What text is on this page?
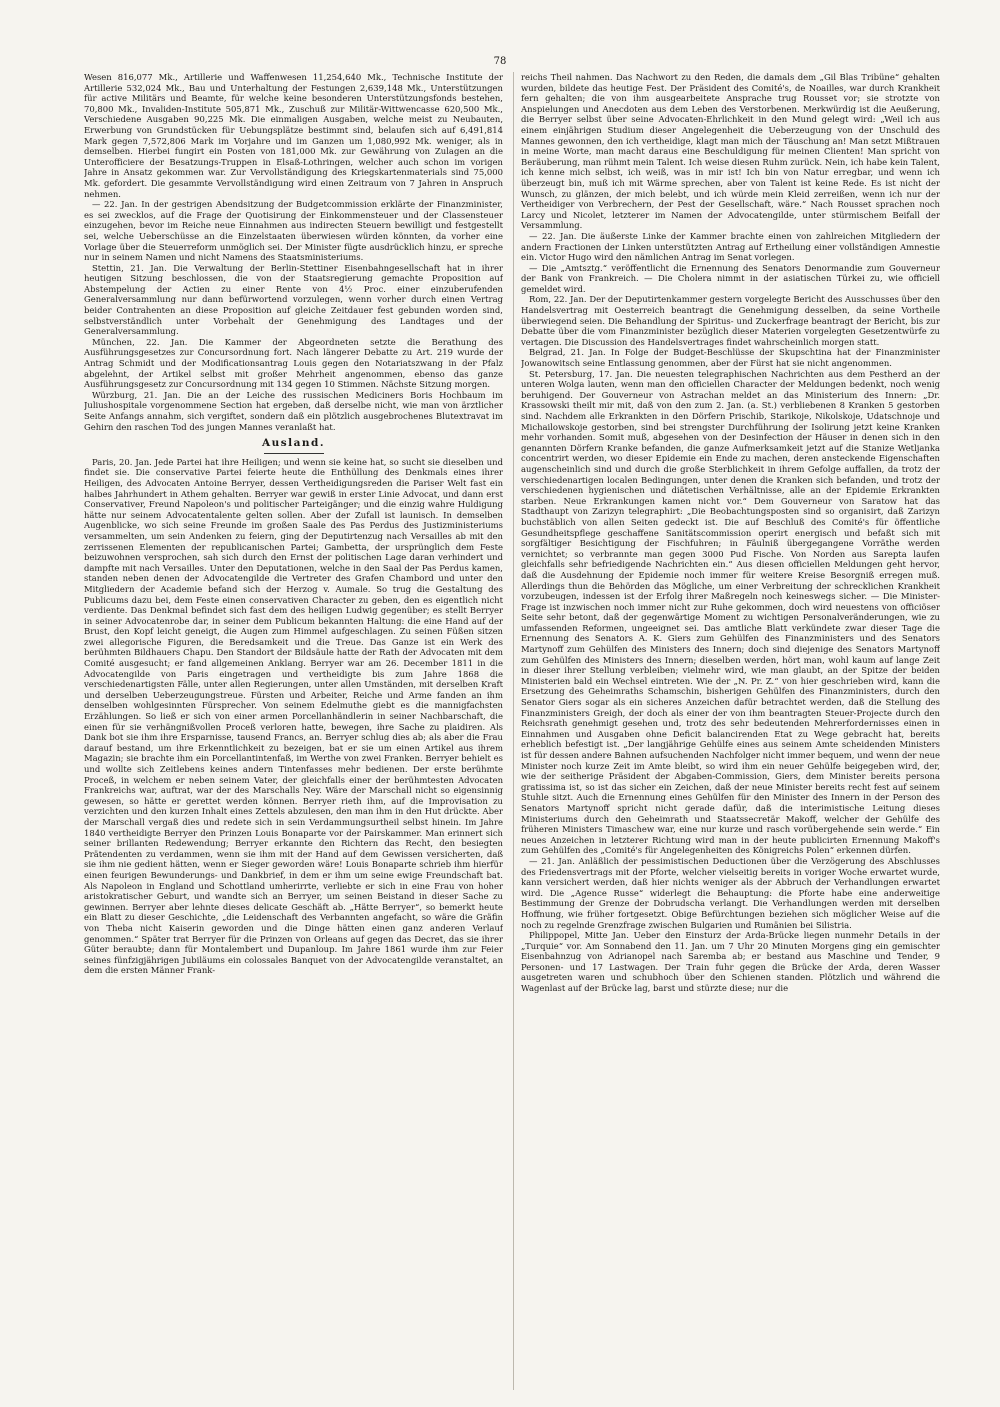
78

Wesen 816,077 Mk., Artillerie und Waffenwesen 11,254,640 Mk., Technische Institute der Artillerie 532,024 Mk., Bau und Unterhaltung der Festungen 2,639,148 Mk., Unterstützungen für active Militärs und Beamte, für welche keine besonderen Unterstützungsfonds bestehen, 70,800 Mk., Invaliden-Institute 505,871 Mk., Zuschuß zur Militär-Wittwencasse 620,500 Mk., Verschiedene Ausgaben 90,225 Mk. Die einmaligen Ausgaben, welche meist zu Neubauten, Erwerbung von Grundstücken für Uebungsplätze bestimmt sind, belaufen sich auf 6,491,814 Mark gegen 7,572,806 Mark im Vorjahre und im Ganzen um 1,080,992 Mk. weniger, als in demselben. Hierbei fungirt ein Posten von 181,000 Mk. zur Gewährung von Zulagen an die Unterofficiere der Besatzungs-Truppen in Elsaß-Lothringen, welcher auch schon im vorigen Jahre in Ansatz gekommen war. Zur Vervollständigung des Kriegskartenmaterials sind 75,000 Mk. gefordert. Die gesammte Vervollständigung wird einen Zeitraum von 7 Jahren in Anspruch nehmen.

— 22. Jan. In der gestrigen Abendsitzung der Budgetcommission erklärte der Finanzminister, es sei zwecklos, auf die Frage der Quotisirung der Einkommensteuer und der Classensteuer einzugehen, bevor im Reiche neue Einnahmen aus indirecten Steuern bewilligt und festgestellt sei, welche Ueberschüsse an die Einzelstaaten überwiesen würden könnten, da vorher eine Vorlage über die Steuerreform unmöglich sei. Der Minister fügte ausdrücklich hinzu, er spreche nur in seinem Namen und nicht Namens des Staatsministeriums.

Stettin, 21. Jan. Die Verwaltung der Berlin-Stettiner Eisenbahngesellschaft hat in ihrer heutigen Sitzung beschlossen, die von der Staatsregierung gemachte Proposition auf Abstempelung der Actien zu einer Rente von 4½ Proc. einer einzuberufenden Generalversammlung nur dann befürwortend vorzulegen, wenn vorher durch einen Vertrag beider Contrahenten an diese Proposition auf gleiche Zeitdauer fest gebunden worden sind, selbstverständlich unter Vorbehalt der Genehmigung des Landtages und der Generalversammlung.

München, 22. Jan. Die Kammer der Abgeordneten setzte die Berathung des Ausführungsgesetzes zur Concursordnung fort. Nach längerer Debatte zu Art. 219 wurde der Antrag Schmidt und der Modificationsantrag Louis gegen den Notariatszwang in der Pfalz abgelehnt, der Artikel selbst mit großer Mehrheit angenommen, ebenso das ganze Ausführungsgesetz zur Concursordnung mit 134 gegen 10 Stimmen. Nächste Sitzung morgen.

Würzburg, 21. Jan. Die an der Leiche des russischen Mediciners Boris Hochbaum im Juliushospitale vorgenommene Section hat ergeben, daß derselbe nicht, wie man von ärztlicher Seite Anfangs annahm, sich vergiftet, sondern daß ein plötzlich ausgebrochenes Blutextravat im Gehirn den raschen Tod des jungen Mannes veranlaßt hat.

Ausland.

Paris, 20. Jan. Jede Partei hat ihre Heiligen; und wenn sie keine hat, so sucht sie dieselben und findet sie. Die conservative Partei feierte heute die Enthüllung des Denkmals eines ihrer Heiligen, des Advocaten Antoine Berryer, dessen Vertheidigungsreden die Pariser Welt fast ein halbes Jahrhundert in Athem gehalten. Berryer war gewiß in erster Linie Advocat, und dann erst Conservativer, Freund Napoleon's und politischer Parteigänger; und die einzig wahre Huldigung hätte nur seinem Advocatentalente gelten sollen. Aber der Zufall ist launisch. In demselben Augenblicke, wo sich seine Freunde im großen Saale des Pas Perdus des Justizministeriums versammelten, um sein Andenken zu feiern, ging der Deputirtenzug nach Versailles ab mit den zerrissenen Elementen der republicanischen Partei; Gambetta, der ursprünglich dem Feste beizuwohnen versprochen, sah sich durch den Ernst der politischen Lage daran verhindert und dampfte mit nach Versailles. Unter den Deputationen, welche in den Saal der Pas Perdus kamen, standen neben denen der Advocatengilde die Vertreter des Grafen Chambord und unter den Mitgliedern der Academie befand sich der Herzog v. Aumale. So trug die Gestaltung des Publicums dazu bei, dem Feste einen conservativen Character zu geben, den es eigentlich nicht verdiente. Das Denkmal befindet sich fast dem des heiligen Ludwig gegenüber; es stellt Berryer in seiner Advocatenrobe dar, in seiner dem Publicum bekannten Haltung: die eine Hand auf der Brust, den Kopf leicht geneigt, die Augen zum Himmel aufgeschlagen. Zu seinen Füßen sitzen zwei allegorische Figuren, die Beredsamkeit und die Treue. Das Ganze ist ein Werk des berühmten Bildhauers Chapu. Den Standort der Bildsäule hatte der Rath der Advocaten mit dem Comité ausgesucht; er fand allgemeinen Anklang. Berryer war am 26. December 1811 in die Advocatengilde von Paris eingetragen und vertheidigte bis zum Jahre 1868 die verschiedenartigsten Fälle, unter allen Regierungen, unter allen Umständen, mit derselben Kraft und derselben Ueberzeugungstreue. Fürsten und Arbeiter, Reiche und Arme fanden an ihm denselben wohlgesinnten Fürsprecher. Von seinem Edelmuthe giebt es die mannigfachsten Erzählungen. So ließ er sich von einer armen Porcellanhändlerin in seiner Nachbarschaft, die einen für sie verhängnißvollen Proceß verloren hatte, bewegen, ihre Sache zu plaidiren. Als Dank bot sie ihm ihre Ersparnisse, tausend Francs, an. Berryer schlug dies ab; als aber die Frau darauf bestand, um ihre Erkenntlichkeit zu bezeigen, bat er sie um einen Artikel aus ihrem Magazin; sie brachte ihm ein Porcellantintenfaß, im Werthe von zwei Franken. Berryer behielt es und wollte sich Zeitlebens keines andern Tintenfasses mehr bedienen. Der erste berühmte Proceß, in welchem er neben seinem Vater, der gleichfalls einer der berühmtesten Advocaten Frankreichs war, auftrat, war der des Marschalls Ney. Wäre der Marschall nicht so eigensinnig gewesen, so hätte er gerettet werden können. Berryer rieth ihm, auf die Improvisation zu verzichten und den kurzen Inhalt eines Zettels abzulesen, den man ihm in den Hut drückte. Aber der Marschall vergaß dies und redete sich in sein Verdammungsurtheil selbst hinein. Im Jahre 1840 vertheidigte Berryer den Prinzen Louis Bonaparte vor der Pairskammer. Man erinnert sich seiner brillanten Redewendung; Berryer erkannte den Richtern das Recht, den besiegten Prätendenten zu verdammen, wenn sie ihm mit der Hand auf dem Gewissen versicherten, daß sie ihm nie gedient hätten, wenn er Sieger geworden wäre! Louis Bonaparte schrieb ihm hierfür einen feurigen Bewunderungs- und Dankbrief, in dem er ihm um seine ewige Freundschaft bat. Als Napoleon in England und Schottland umherirrte, verliebte er sich in eine Frau von hoher aristokratischer Geburt, und wandte sich an Berryer, um seinen Beistand in dieser Sache zu gewinnen. Berryer aber lehnte dieses delicate Geschäft ab. „Hätte Berryer“, so bemerkt heute ein Blatt zu dieser Geschichte, „die Leidenschaft des Verbannten angefacht, so wäre die Gräfin von Theba nicht Kaiserin geworden und die Dinge hätten einen ganz anderen Verlauf genommen.“ Später trat Berryer für die Prinzen von Orleans auf gegen das Decret, das sie ihrer Güter beraubte; dann für Montalembert und Dupanloup. Im Jahre 1861 wurde ihm zur Feier seines fünfzigjährigen Jubiläums ein colossales Banquet von der Advocatengilde veranstaltet, an dem die ersten Männer Frank-

reichs Theil nahmen. Das Nachwort zu den Reden, die damals dem „Gil Blas Tribüne“ gehalten wurden, bildete das heutige Fest. Der Präsident des Comité's, de Noailles, war durch Krankheit fern gehalten; die von ihm ausgearbeitete Ansprache trug Rousset vor; sie strotzte von Anspielungen und Anecdoten aus dem Leben des Verstorbenen. Merkwürdig ist die Aeußerung, die Berryer selbst über seine Advocaten-Ehrlichkeit in den Mund gelegt wird: „Weil ich aus einem einjährigen Studium dieser Angelegenheit die Ueberzeugung von der Unschuld des Mannes gewonnen, den ich vertheidige, klagt man mich der Täuschung an! Man setzt Mißtrauen in meine Worte, man macht daraus eine Beschuldigung für meinen Clienten! Man spricht von Beräuberung, man rühmt mein Talent. Ich weise diesen Ruhm zurück. Nein, ich habe kein Talent, ich kenne mich selbst, ich weiß, was in mir ist! Ich bin von Natur erregbar, und wenn ich überzeugt bin, muß ich mit Wärme sprechen, aber von Talent ist keine Rede. Es ist nicht der Wunsch, zu glänzen, der mich belebt, und ich würde mein Kleid zerreißen, wenn ich nur der Vertheidiger von Verbrechern, der Pest der Gesellschaft, wäre.“ Nach Rousset sprachen noch Larcy und Nicolet, letzterer im Namen der Advocatengilde, unter stürmischem Beifall der Versammlung.

— 22. Jan. Die äußerste Linke der Kammer brachte einen von zahlreichen Mitgliedern der andern Fractionen der Linken unterstützten Antrag auf Ertheilung einer vollständigen Amnestie ein. Victor Hugo wird den nämlichen Antrag im Senat vorlegen.

— Die „Amtsztg.“ veröffentlicht die Ernennung des Senators Denormandie zum Gouverneur der Bank von Frankreich. — Die Cholera nimmt in der asiatischen Türkei zu, wie officiell gemeldet wird.

Rom, 22. Jan. Der der Deputirtenkammer gestern vorgelegte Bericht des Ausschusses über den Handelsvertrag mit Oesterreich beantragt die Genehmigung desselben, da seine Vortheile überwiegend seien. Die Behandlung der Spiritus- und Zuckerfrage beantragt der Bericht, bis zur Debatte über die vom Finanzminister bezüglich dieser Materien vorgelegten Gesetzentwürfe zu vertagen. Die Discussion des Handelsvertrages findet wahrscheinlich morgen statt.

Belgrad, 21. Jan. In Folge der Budget-Beschlüsse der Skupschtina hat der Finanzminister Jowanowitsch seine Entlassung genommen, aber der Fürst hat sie nicht angenommen.

St. Petersburg, 17. Jan. Die neuesten telegraphischen Nachrichten aus dem Pestherd an der unteren Wolga lauten, wenn man den officiellen Character der Meldungen bedenkt, noch wenig beruhigend. Der Gouverneur von Astrachan meldet an das Ministerium des Innern: „Dr. Krassowski theilt mir mit, daß von den zum 2. Jan. (a. St.) verbliebenen 8 Kranken 5 gestorben sind. Nachdem alle Erkrankten in den Dörfern Prischib, Starikoje, Nikolskoje, Udatschnoje und Michailowskoje gestorben, sind bei strengster Durchführung der Isolirung jetzt keine Kranken mehr vorhanden. Somit muß, abgesehen von der Desinfection der Häuser in denen sich in den genannten Dörfern Kranke befanden, die ganze Aufmerksamkeit jetzt auf die Stanize Wetljanka concentrirt werden, wo dieser Epidemie ein Ende zu machen, deren ansteckende Eigenschaften augenscheinlich sind und durch die große Sterblichkeit in ihrem Gefolge auffallen, da trotz der verschiedenartigen localen Bedingungen, unter denen die Kranken sich befanden, und trotz der verschiedenen hygienischen und diätetischen Verhältnisse, alle an der Epidemie Erkrankten starben. Neue Erkrankungen kamen nicht vor.“ Dem Gouverneur von Saratow hat das Stadthaupt von Zarizyn telegraphirt: „Die Beobachtungsposten sind so organisirt, daß Zarizyn buchstäblich von allen Seiten gedeckt ist. Die auf Beschluß des Comité's für öffentliche Gesundheitspflege geschaffene Sanitätscommission operirt energisch und befaßt sich mit sorgfältiger Besichtigung der Fischfuhren; in Fäulniß übergegangene Vorräthe werden vernichtet; so verbrannte man gegen 3000 Pud Fische. Von Norden aus Sarepta laufen gleichfalls sehr befriedigende Nachrichten ein.“ Aus diesen officiellen Meldungen geht hervor, daß die Ausdehnung der Epidemie noch immer für weitere Kreise Besorgniß erregen muß. Allerdings thun die Behörden das Mögliche, um einer Verbreitung der schrecklichen Krankheit vorzubeugen, indessen ist der Erfolg ihrer Maßregeln noch keineswegs sicher. — Die Minister-Frage ist inzwischen noch immer nicht zur Ruhe gekommen, doch wird neuestens von officiöser Seite sehr betont, daß der gegenwärtige Moment zu wichtigen Personalveränderungen, wie zu umfassenden Reformen, ungeeignet sei. Das amtliche Blatt verkündete zwar dieser Tage die Ernennung des Senators A. K. Giers zum Gehülfen des Finanzministers und des Senators Martynoff zum Gehülfen des Ministers des Innern; doch sind diejenige des Senators Martynoff zum Gehülfen des Ministers des Innern; dieselben werden, hört man, wohl kaum auf lange Zeit in dieser ihrer Stellung verbleiben; vielmehr wird, wie man glaubt, an der Spitze der beiden Ministerien bald ein Wechsel eintreten. Wie der „N. Pr. Z.“ von hier geschrieben wird, kann die Ersetzung des Geheimraths Schamschin, bisherigen Gehülfen des Finanzministers, durch den Senator Giers sogar als ein sicheres Anzeichen dafür betrachtet werden, daß die Stellung des Finanzministers Greigh, der doch als einer der von ihm beantragten Steuer-Projecte durch den Reichsrath genehmigt gesehen und, trotz des sehr bedeutenden Mehrerfordernisses einen in Einnahmen und Ausgaben ohne Deficit balancirenden Etat zu Wege gebracht hat, bereits erheblich befestigt ist. „Der langjährige Gehülfe eines aus seinem Amte scheidenden Ministers ist für dessen andere Bahnen aufsuchenden Nachfolger nicht immer bequem, und wenn der neue Minister noch kurze Zeit im Amte bleibt, so wird ihm ein neuer Gehülfe beigegeben wird, der, wie der seitherige Präsident der Abgaben-Commission, Giers, dem Minister bereits persona gratissima ist, so ist das sicher ein Zeichen, daß der neue Minister bereits recht fest auf seinem Stuhle sitzt. Auch die Ernennung eines Gehülfen für den Minister des Innern in der Person des Senators Martynoff spricht nicht gerade dafür, daß die interimistische Leitung dieses Ministeriums durch den Geheimrath und Staatssecretär Makoff, welcher der Gehülfe des früheren Ministers Timaschew war, eine nur kurze und rasch vorübergehende sein werde.“ Ein neues Anzeichen in letzterer Richtung wird man in der heute publicirten Ernennung Makoff's zum Gehülfen des „Comité's für Angelegenheiten des Königreichs Polen“ erkennen dürfen.

— 21. Jan. Anläßlich der pessimistischen Deductionen über die Verzögerung des Abschlusses des Friedensvertrags mit der Pforte, welcher vielseitig bereits in voriger Woche erwartet wurde, kann versichert werden, daß hier nichts weniger als der Abbruch der Verhandlungen erwartet wird. Die „Agence Russe“ widerlegt die Behauptung: die Pforte habe eine anderweitige Bestimmung der Grenze der Dobrudscha verlangt. Die Verhandlungen werden mit derselben Hoffnung, wie früher fortgesetzt. Obige Befürchtungen beziehen sich möglicher Weise auf die noch zu regelnde Grenzfrage zwischen Bulgarien und Rumänien bei Silistria.

Philippopel, Mitte Jan. Ueber den Einsturz der Arda-Brücke liegen nunmehr Details in der „Turquie“ vor. Am Sonnabend den 11. Jan. um 7 Uhr 20 Minuten Morgens ging ein gemischter Eisenbahnzug von Adrianopel nach Saremba ab; er bestand aus Maschine und Tender, 9 Personen- und 17 Lastwagen. Der Train fuhr gegen die Brücke der Arda, deren Wasser ausgetreten waren und schubhoch über den Schienen standen. Plötzlich und während die Wagenlast auf der Brücke lag, barst und stürzte diese; nur die
